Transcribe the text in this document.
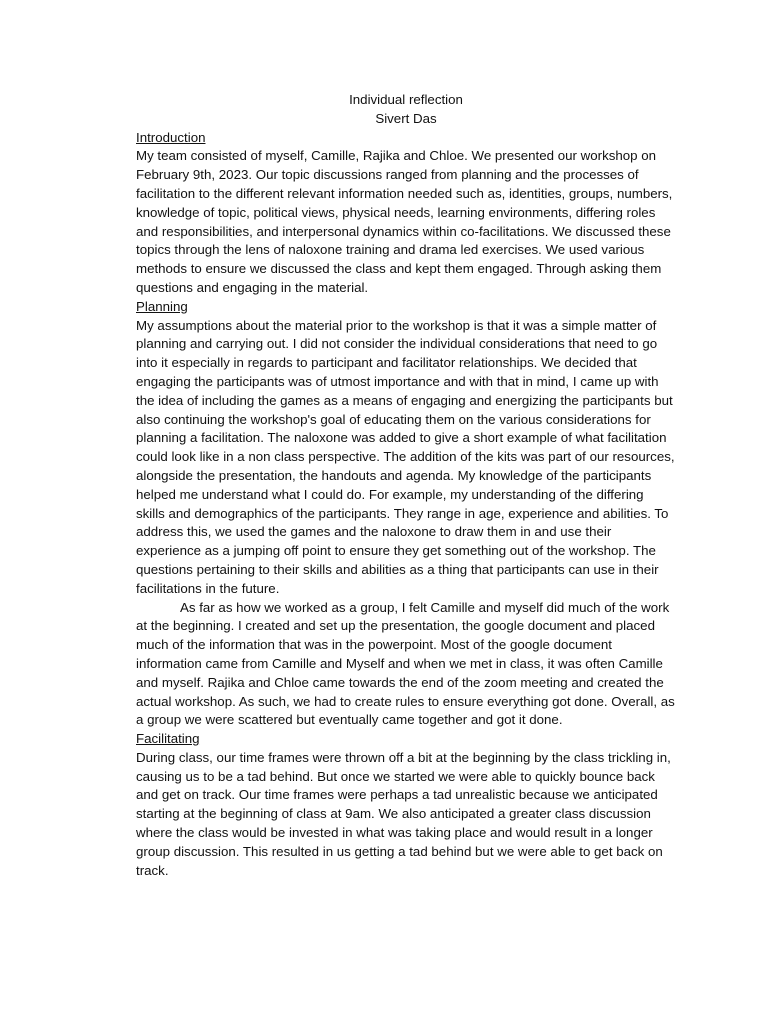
Individual reflection

Sivert Das

Introduction

My team consisted of myself, Camille, Rajika and Chloe. We presented our workshop on February 9th, 2023. Our topic discussions ranged from planning and the processes of facilitation to the different relevant information needed such as, identities, groups, numbers, knowledge of topic, political views, physical needs, learning environments, differing roles and responsibilities, and interpersonal dynamics within co-facilitations. We discussed these topics through the lens of naloxone training and drama led exercises. We used various methods to ensure we discussed the class and kept them engaged. Through asking them questions and engaging in the material.

Planning

My assumptions about the material prior to the workshop is that it was a simple matter of planning and carrying out. I did not consider the individual considerations that need to go into it especially in regards to participant and facilitator relationships. We decided that engaging the participants was of utmost importance and with that in mind, I came up with the idea of including the games as a means of engaging and energizing the participants but also continuing the workshop's goal of educating them on the various considerations for planning a facilitation. The naloxone was added to give a short example of what facilitation could look like in a non class perspective. The addition of the kits was part of our resources, alongside the presentation, the handouts and agenda. My knowledge of the participants helped me understand what I could do. For example, my understanding of the differing skills and demographics of the participants. They range in age, experience and abilities. To address this, we used the games and the naloxone to draw them in and use their experience as a jumping off point to ensure they get something out of the workshop. The questions pertaining to their skills and abilities as a thing that participants can use in their facilitations in the future.

As far as how we worked as a group, I felt Camille and myself did much of the work at the beginning. I created and set up the presentation, the google document and placed much of the information that was in the powerpoint. Most of the google document information came from Camille and Myself and when we met in class, it was often Camille and myself. Rajika and Chloe came towards the end of the zoom meeting and created the actual workshop. As such, we had to create rules to ensure everything got done. Overall, as a group we were scattered but eventually came together and got it done.

Facilitating

During class, our time frames were thrown off a bit at the beginning by the class trickling in, causing us to be a tad behind. But once we started we were able to quickly bounce back and get on track. Our time frames were perhaps a tad unrealistic because we anticipated starting at the beginning of class at 9am. We also anticipated a greater class discussion where the class would be invested in what was taking place and would result in a longer group discussion. This resulted in us getting a tad behind but we were able to get back on track.
